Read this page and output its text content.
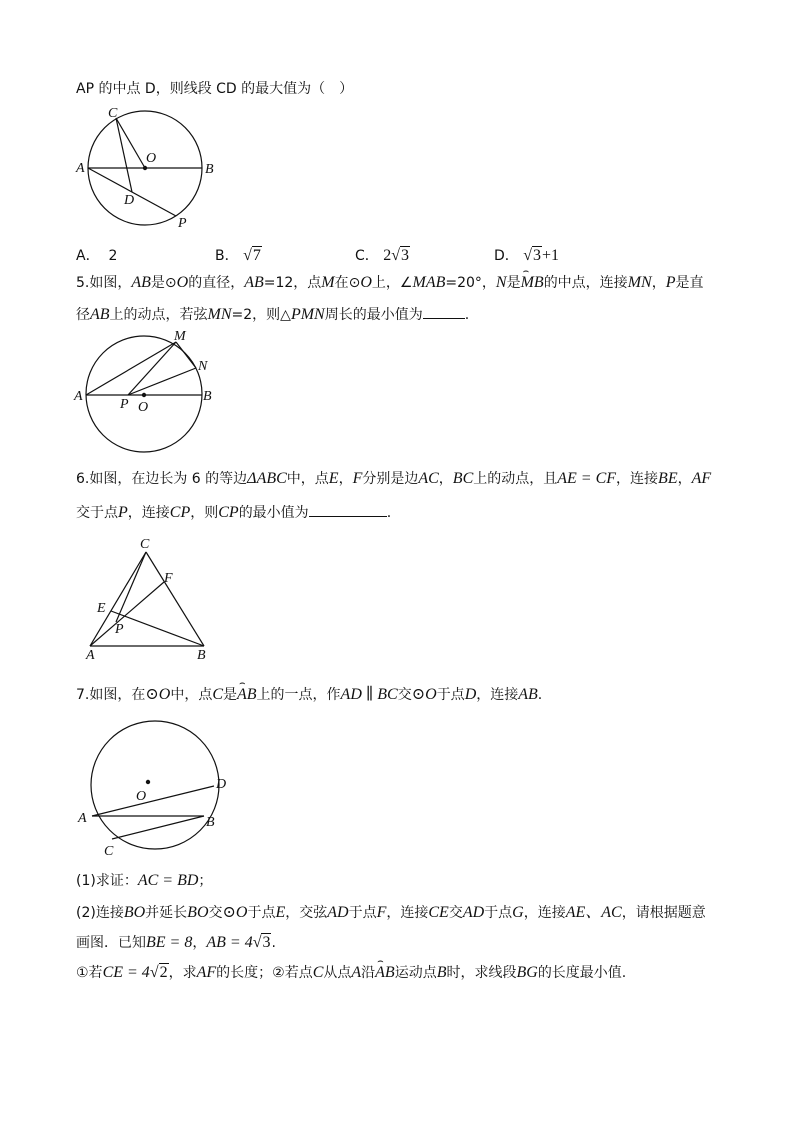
AP 的中点 D，则线段 CD 的最大值为（　）
C
O
A	B
D
P
A． 2	B． √7	C． 2√3	D． √3+1
5.如图，AB是⊙O的直径，AB=12，点M在⊙O上，∠MAB=20°，N是⌢ MB的中点，连接MN，P是直
径AB上的动点，若弦MN=2，则△PMN周长的最小值为	.
M
N
A
P O
B
6.如图，在边长为 6 的等边ΔABC中，点E，F分别是边AC，BC上的动点，且AE = CF，连接BE，AF
交于点P，连接CP，则CP的最小值为	.
C
F
E
P
A	B
7.如图，在⊙O中，点C是⌢ AB上的一点，作AD ∥ BC交⊙O于点D，连接AB.
O
D
A	B
C
(1)求证：AC = BD；
(2)连接BO并延长BO交⊙O于点E，交弦AD于点F，连接CE交AD于点G，连接AE、AC，请根据题意
画图．已知BE = 8，AB = 4√3.
①若CE = 4√2，求AF的长度；②若点C从点A沿⌢ AB运动点B时，求线段BG的长度最小值.
